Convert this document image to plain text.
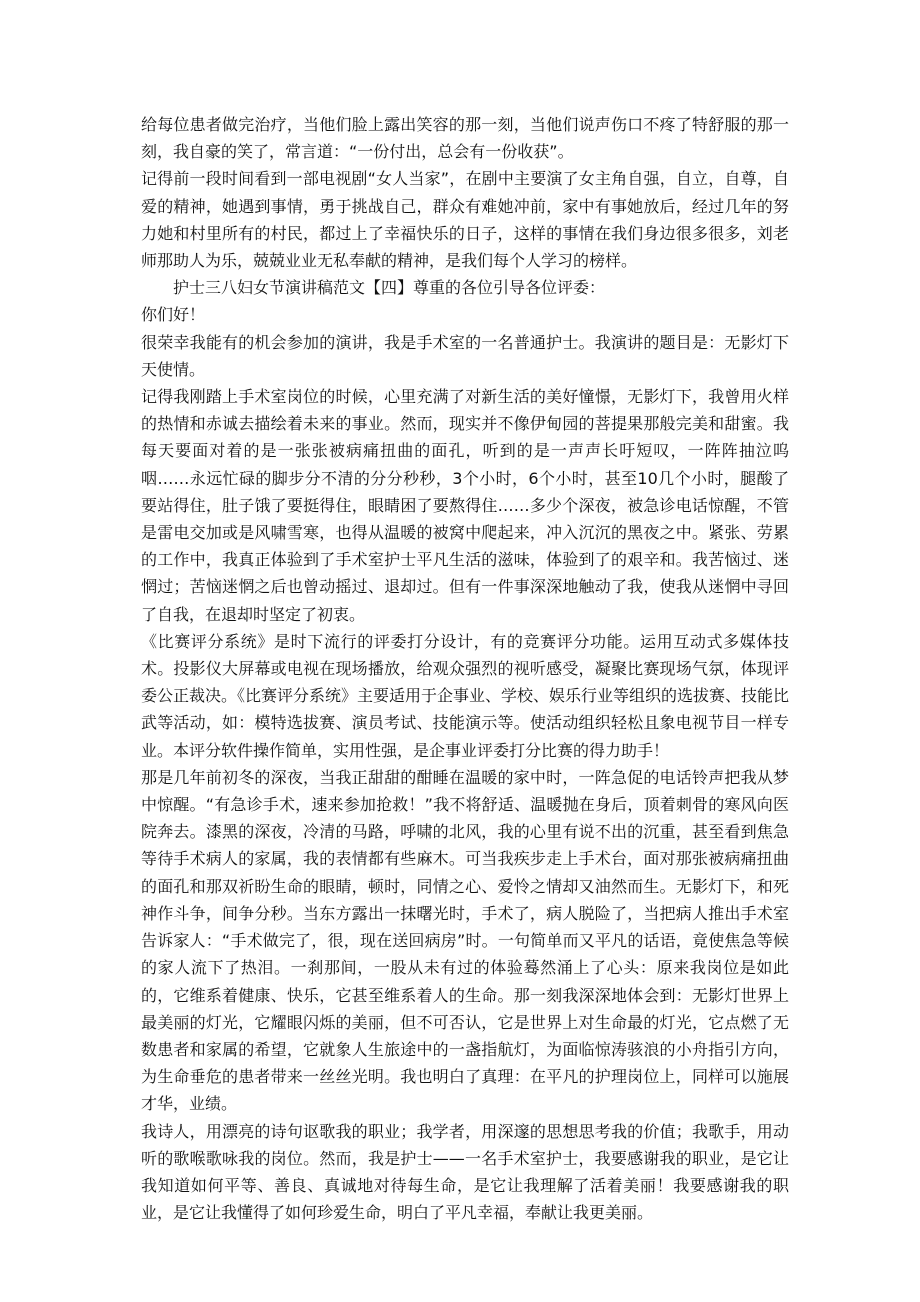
给每位患者做完治疗，当他们脸上露出笑容的那一刻，当他们说声伤口不疼了特舒服的那一刻，我自豪的笑了，常言道：“一份付出，总会有一份收获”。

记得前一段时间看到一部电视剧“女人当家”，在剧中主要演了女主角自强，自立，自尊，自爱的精神，她遇到事情，勇于挑战自己，群众有难她冲前，家中有事她放后，经过几年的努力她和村里所有的村民，都过上了幸福快乐的日子，这样的事情在我们身边很多很多，刘老师那助人为乐，兢兢业业无私奉献的精神，是我们每个人学习的榜样。

护士三八妇女节演讲稿范文【四】尊重的各位引导各位评委：

你们好！

很荣幸我能有的机会参加的演讲，我是手术室的一名普通护士。我演讲的题目是：无影灯下天使情。

记得我刚踏上手术室岗位的时候，心里充满了对新生活的美好憧憬，无影灯下，我曾用火样的热情和赤诚去描绘着未来的事业。然而，现实并不像伊甸园的菩提果那般完美和甜蜜。我每天要面对着的是一张张被病痛扭曲的面孔，听到的是一声声长吁短叹，一阵阵抽泣呜咽……永远忙碌的脚步分不清的分分秒秒，3个小时，6个小时，甚至10几个小时，腿酸了要站得住，肚子饿了要挺得住，眼睛困了要熬得住……多少个深夜，被急诊电话惊醒，不管是雷电交加或是风啸雪寒，也得从温暖的被窝中爬起来，冲入沉沉的黑夜之中。紧张、劳累的工作中，我真正体验到了手术室护士平凡生活的滋味，体验到了的艰辛和。我苦恼过、迷惘过；苦恼迷惘之后也曾动摇过、退却过。但有一件事深深地触动了我，使我从迷惘中寻回了自我，在退却时坚定了初衷。

《比赛评分系统》是时下流行的评委打分设计，有的竞赛评分功能。运用互动式多媒体技术。投影仪大屏幕或电视在现场播放，给观众强烈的视听感受，凝聚比赛现场气氛，体现评委公正裁决。《比赛评分系统》主要适用于企事业、学校、娱乐行业等组织的选拔赛、技能比武等活动，如：模特选拔赛、演员考试、技能演示等。使活动组织轻松且象电视节目一样专业。本评分软件操作简单，实用性强，是企事业评委打分比赛的得力助手！

那是几年前初冬的深夜，当我正甜甜的酣睡在温暖的家中时，一阵急促的电话铃声把我从梦中惊醒。“有急诊手术，速来参加抢救！”我不将舒适、温暖抛在身后，顶着刺骨的寒风向医院奔去。漆黑的深夜，冷清的马路，呼啸的北风，我的心里有说不出的沉重，甚至看到焦急等待手术病人的家属，我的表情都有些麻木。可当我疾步走上手术台，面对那张被病痛扭曲的面孔和那双祈盼生命的眼睛，顿时，同情之心、爱怜之情却又油然而生。无影灯下，和死神作斗争，间争分秒。当东方露出一抹曙光时，手术了，病人脱险了，当把病人推出手术室告诉家人：“手术做完了，很，现在送回病房”时。一句简单而又平凡的话语，竟使焦急等候的家人流下了热泪。一刹那间，一股从未有过的体验蓦然涌上了心头：原来我岗位是如此的，它维系着健康、快乐，它甚至维系着人的生命。那一刻我深深地体会到：无影灯世界上最美丽的灯光，它耀眼闪烁的美丽，但不可否认，它是世界上对生命最的灯光，它点燃了无数患者和家属的希望，它就象人生旅途中的一盏指航灯，为面临惊涛骇浪的小舟指引方向，为生命垂危的患者带来一丝丝光明。我也明白了真理：在平凡的护理岗位上，同样可以施展才华，业绩。

我诗人，用漂亮的诗句讴歌我的职业；我学者，用深邃的思想思考我的价值；我歌手，用动听的歌喉歌咏我的岗位。然而，我是护士——一名手术室护士，我要感谢我的职业，是它让我知道如何平等、善良、真诚地对待每生命，是它让我理解了活着美丽！我要感谢我的职业，是它让我懂得了如何珍爱生命，明白了平凡幸福，奉献让我更美丽。
